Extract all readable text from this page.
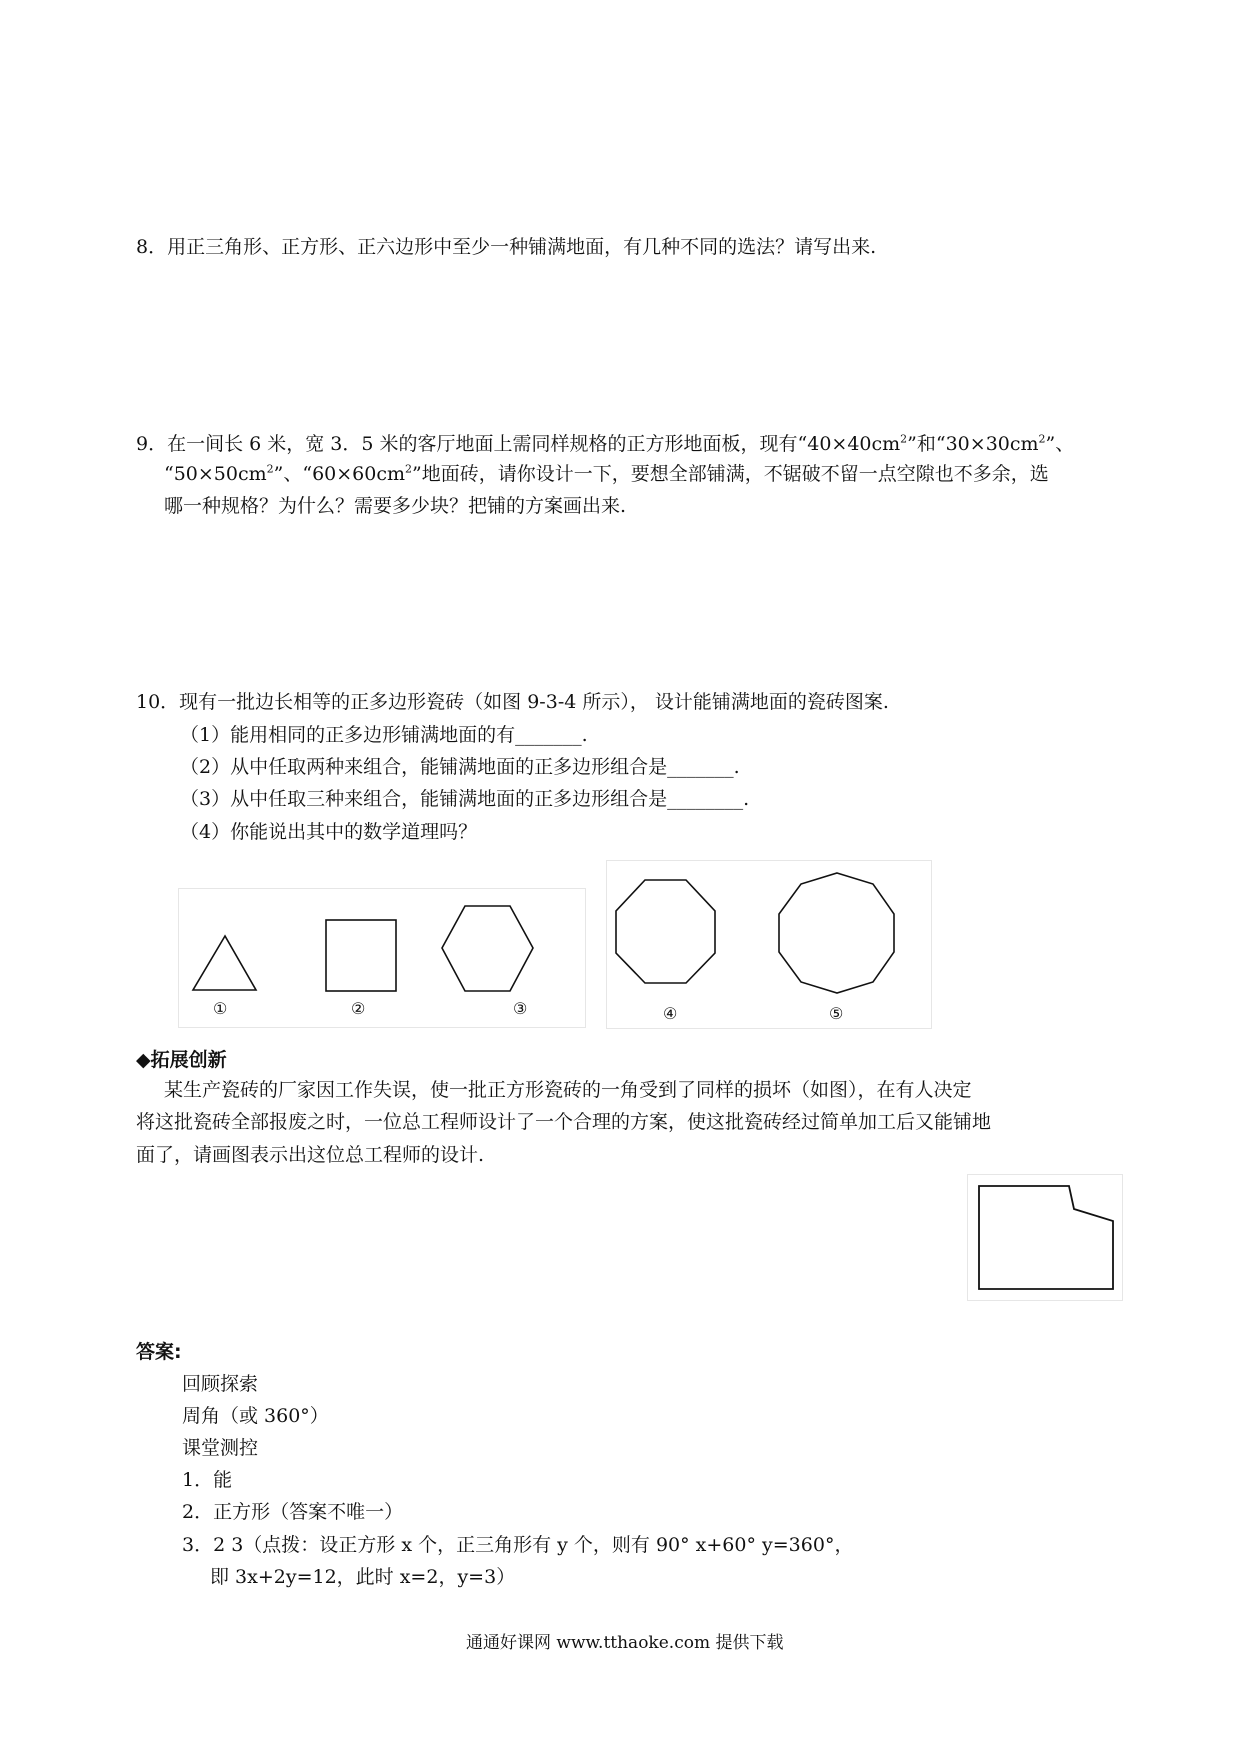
8．用正三角形、正方形、正六边形中至少一种铺满地面，有几种不同的选法？请写出来.
9．在一间长 6 米，宽 3．5 米的客厅地面上需同样规格的正方形地面板，现有“$40\times 40cm^2$”和“$30\times 30cm^2$”、
“$50\times 50cm^2$”、“$60\times 60cm^2$”地面砖，请你设计一下，要想全部铺满，不锯破不留一点空隙也不多余，选
哪一种规格？为什么？需要多少块？把铺的方案画出来.
10．现有一批边长相等的正多边形瓷砖（如图 9-3-4 所示）， 设计能铺满地面的瓷砖图案.
（1）能用相同的正多边形铺满地面的有_______.
（2）从中任取两种来组合，能铺满地面的正多边形组合是_______.
（3）从中任取三种来组合，能铺满地面的正多边形组合是________.
（4）你能说出其中的数学道理吗？
①	②	③	④	⑤
◆拓展创新
某生产瓷砖的厂家因工作失误，使一批正方形瓷砖的一角受到了同样的损坏（如图），在有人决定
将这批瓷砖全部报废之时，一位总工程师设计了一个合理的方案，使这批瓷砖经过简单加工后又能铺地
面了，请画图表示出这位总工程师的设计.
答案:
回顾探索
周角（或 360°）
课堂测控
1．能
2．正方形（答案不唯一）
3．2 3（点拨：设正方形 x 个，正三角形有 y 个，则有 90° x+60° y=360°，
即 3x+2y=12，此时 x=2，y=3）
通通好课网 www.tthaoke.com 提供下载
